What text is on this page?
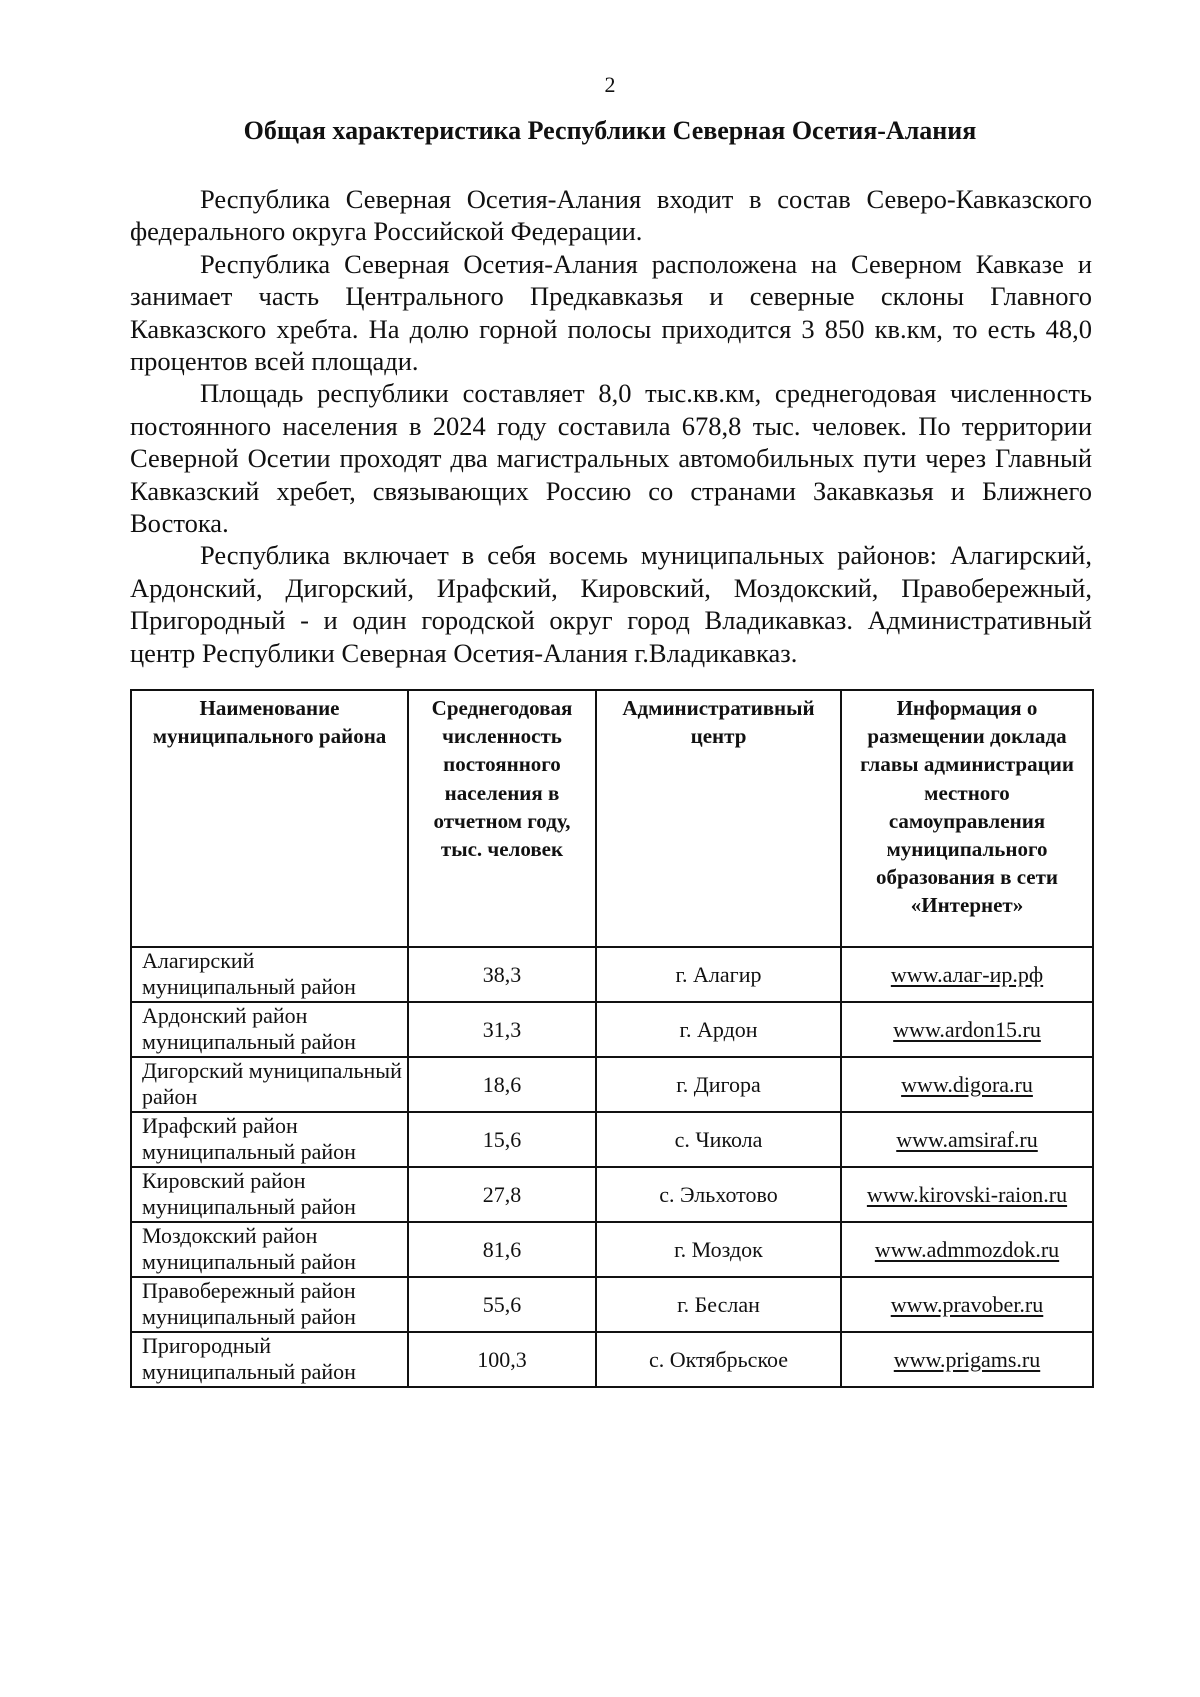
2
Общая характеристика Республики Северная Осетия-Алания

Республика Северная Осетия-Алания входит в состав Северо-Кавказского федерального округа Российской Федерации.

Республика Северная Осетия-Алания расположена на Северном Кавказе и занимает часть Центрального Предкавказья и северные склоны Главного Кавказского хребта. На долю горной полосы приходится 3 850 кв.км, то есть 48,0 процентов всей площади.

Площадь республики составляет 8,0 тыс.кв.км, среднегодовая численность постоянного населения в 2024 году составила 678,8 тыс. человек. По территории Северной Осетии проходят два магистральных автомобильных пути через Главный Кавказский хребет, связывающих Россию со странами Закавказья и Ближнего Востока.

Республика включает в себя восемь муниципальных районов: Алагирский, Ардонский, Дигорский, Ирафский, Кировский, Моздокский, Правобережный, Пригородный - и один городской округ город Владикавказ. Административный центр Республики Северная Осетия-Алания г.Владикавказ.

Наименование муниципального района	Среднегодовая численность постоянного населения в отчетном году, тыс. человек	Административный центр	Информация о размещении доклада главы администрации местного самоуправления муниципального образования в сети «Интернет»
Алагирский муниципальный район	38,3	г. Алагир	www.алаг-ир.рф
Ардонский район муниципальный район	31,3	г. Ардон	www.ardon15.ru
Дигорский муниципальный район	18,6	г. Дигора	www.digora.ru
Ирафский район муниципальный район	15,6	с. Чикола	www.amsiraf.ru
Кировский район муниципальный район	27,8	с. Эльхотово	www.kirovski-raion.ru
Моздокский район муниципальный район	81,6	г. Моздок	www.admmozdok.ru
Правобережный район муниципальный район	55,6	г. Беслан	www.pravober.ru
Пригородный муниципальный район	100,3	с. Октябрьское	www.prigams.ru
